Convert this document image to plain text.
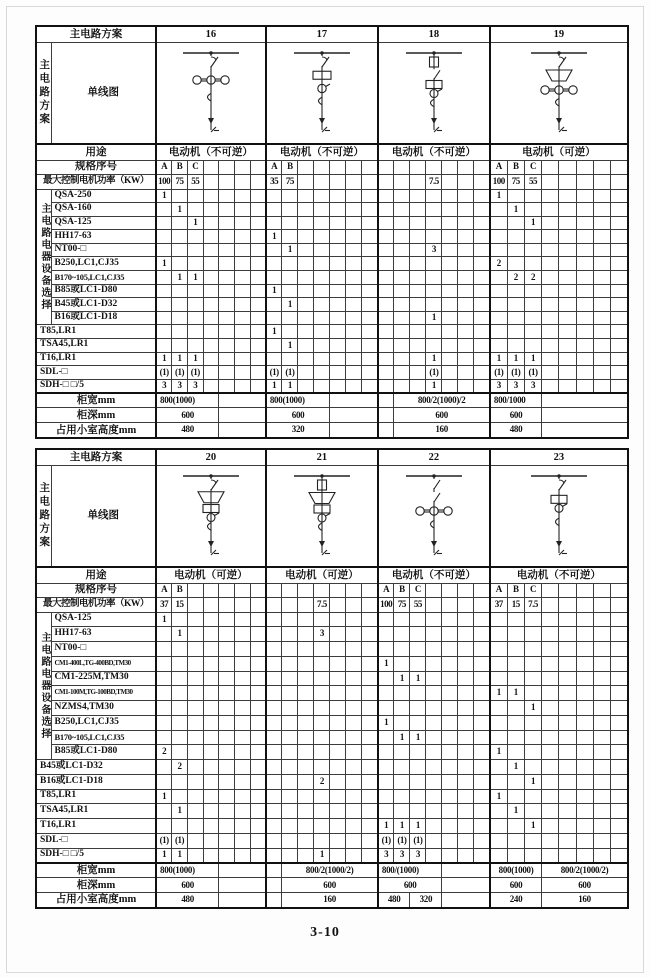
3-10
主电路方案		16							17							18							19							
主电路方案	单线图	

用途		电动机（不可逆）							电动机（不可逆）							电动机（不可逆）							电动机（可逆）							
规格序号		A	B	C					A	B													A	B	C					
最大控制电机功率（KW）		100	75	55					35	75									7.5				100	75	55					
主电路电器设备选择	QSA-250	1																					1							
	QSA-160		1																					1						
	QSA-125			1																					1					
	HH17-63								1																					
	NT00-□									1									3											
	B250,LC1,CJ35	1																					2							
	B170~105,LC1,CJ35		1	1																				2	2					
	B85或LC1-D80								1																					
	B45或LC1-D32									1																				
	B16或LC1-D18																		1											
T85,LR1									1																					
TSA45,LR1										1																				
T16,LR1		1	1	1															1				1	1	1					
SDL-□		(1)	(1)	(1)					(1)	(1)									(1)				(1)	(1)	(1)					
SDH-□ □/5		3	3	3					1	1									1				3	3	3					
柜宽mm		800(1000)							800(1000)								800/2(1000)/2						800/1000							
柜深mm		600							600								600						600							
占用小室高度mm		480							320								160						480							
主电路方案		20							21							22							23							
主电路方案	单线图	

用途		电动机（可逆）							电动机（可逆）							电动机（不可逆）							电动机（不可逆）							
规格序号		A	B													A	B	C					A	B	C					
最大控制电机功率（KW）		37	15									7.5				100	75	55					37	15	7.5					
主电路电器设备选择	QSA-125	1																												
	HH17-63		1									3																		
	NT00-□																													
	CM1-400L,TG-400BD,TM30															1														
	CM1-225M,TM30																1	1												
	CM1-100M,TG-100BD,TM30																						1	1						
	NZMS4,TM30																								1					
	B250,LC1,CJ35															1														
	B170~105,LC1,CJ35																1	1												
	B85或LC1-D80	2																					1							
B45或LC1-D32			2																					1						
B16或LC1-D18												2													1					
T85,LR1		1																					1							
TSA45,LR1			1																					1						
T16,LR1																1	1	1							1					
SDL-□		(1)	(1)													(1)	(1)	(1)												
SDH-□ □/5		1	1									1				3	3	3												
柜宽mm		800(1000)								800/2(1000/2)						800/(1000)							800(1000)			800/2(1000/2)				
柜深mm		600								600						600							600			600				
占用小室高度mm		480								160						480		320					240			160				
